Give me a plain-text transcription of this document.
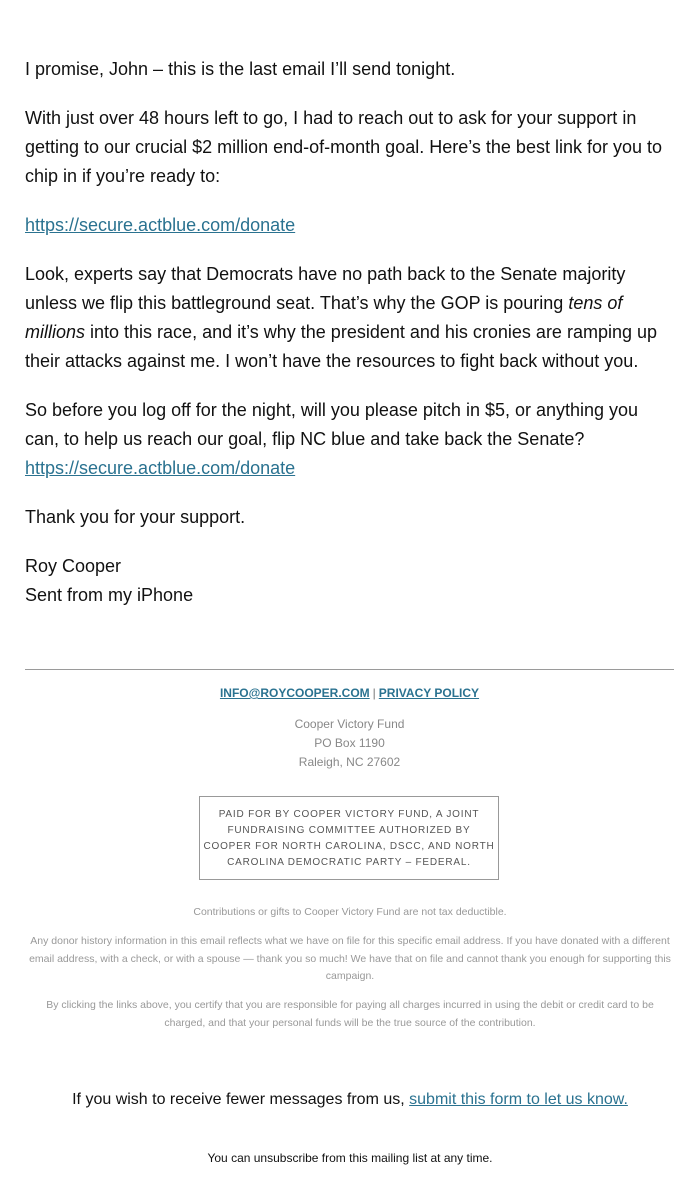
I promise, John – this is the last email I’ll send tonight.

With just over 48 hours left to go, I had to reach out to ask for your support in getting to our crucial $2 million end-of-month goal. Here’s the best link for you to chip in if you’re ready to:

https://secure.actblue.com/donate

Look, experts say that Democrats have no path back to the Senate majority unless we flip this battleground seat. That’s why the GOP is pouring tens of millions into this race, and it’s why the president and his cronies are ramping up their attacks against me. I won’t have the resources to fight back without you.

So before you log off for the night, will you please pitch in $5, or anything you can, to help us reach our goal, flip NC blue and take back the Senate? https://secure.actblue.com/donate

Thank you for your support.

Roy Cooper
Sent from my iPhone

INFO@ROYCOOPER.COM | PRIVACY POLICY
Cooper Victory Fund
PO Box 1190
Raleigh, NC 27602
PAID FOR BY COOPER VICTORY FUND, A JOINT FUNDRAISING COMMITTEE AUTHORIZED BY COOPER FOR NORTH CAROLINA, DSCC, AND NORTH CAROLINA DEMOCRATIC PARTY – FEDERAL.
Contributions or gifts to Cooper Victory Fund are not tax deductible.
Any donor history information in this email reflects what we have on file for this specific email address. If you have donated with a different email address, with a check, or with a spouse — thank you so much! We have that on file and cannot thank you enough for supporting this campaign.
By clicking the links above, you certify that you are responsible for paying all charges incurred in using the debit or credit card to be charged, and that your personal funds will be the true source of the contribution.
If you wish to receive fewer messages from us, submit this form to let us know.
You can unsubscribe from this mailing list at any time.
